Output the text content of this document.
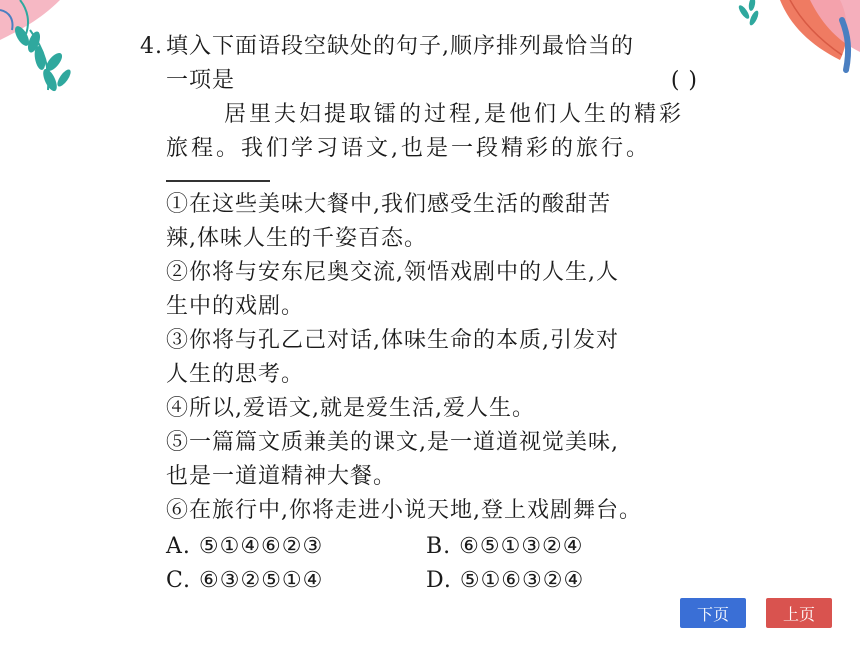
4. 填入下面语段空缺处的句子,顺序排列最恰当的
一项是	( )
居里夫妇提取镭的过程,是他们人生的精彩
旅程。我们学习语文,也是一段精彩的旅行。
①在这些美味大餐中,我们感受生活的酸甜苦
辣,体味人生的千姿百态。
②你将与安东尼奥交流,领悟戏剧中的人生,人
生中的戏剧。
③你将与孔乙己对话,体味生命的本质,引发对
人生的思考。
④所以,爱语文,就是爱生活,爱人生。
⑤一篇篇文质兼美的课文,是一道道视觉美味,
也是一道道精神大餐。
⑥在旅行中,你将走进小说天地,登上戏剧舞台。
A. ⑤①④⑥②③	B. ⑥⑤①③②④
C. ⑥③②⑤①④	D. ⑤①⑥③②④
下页	上页
